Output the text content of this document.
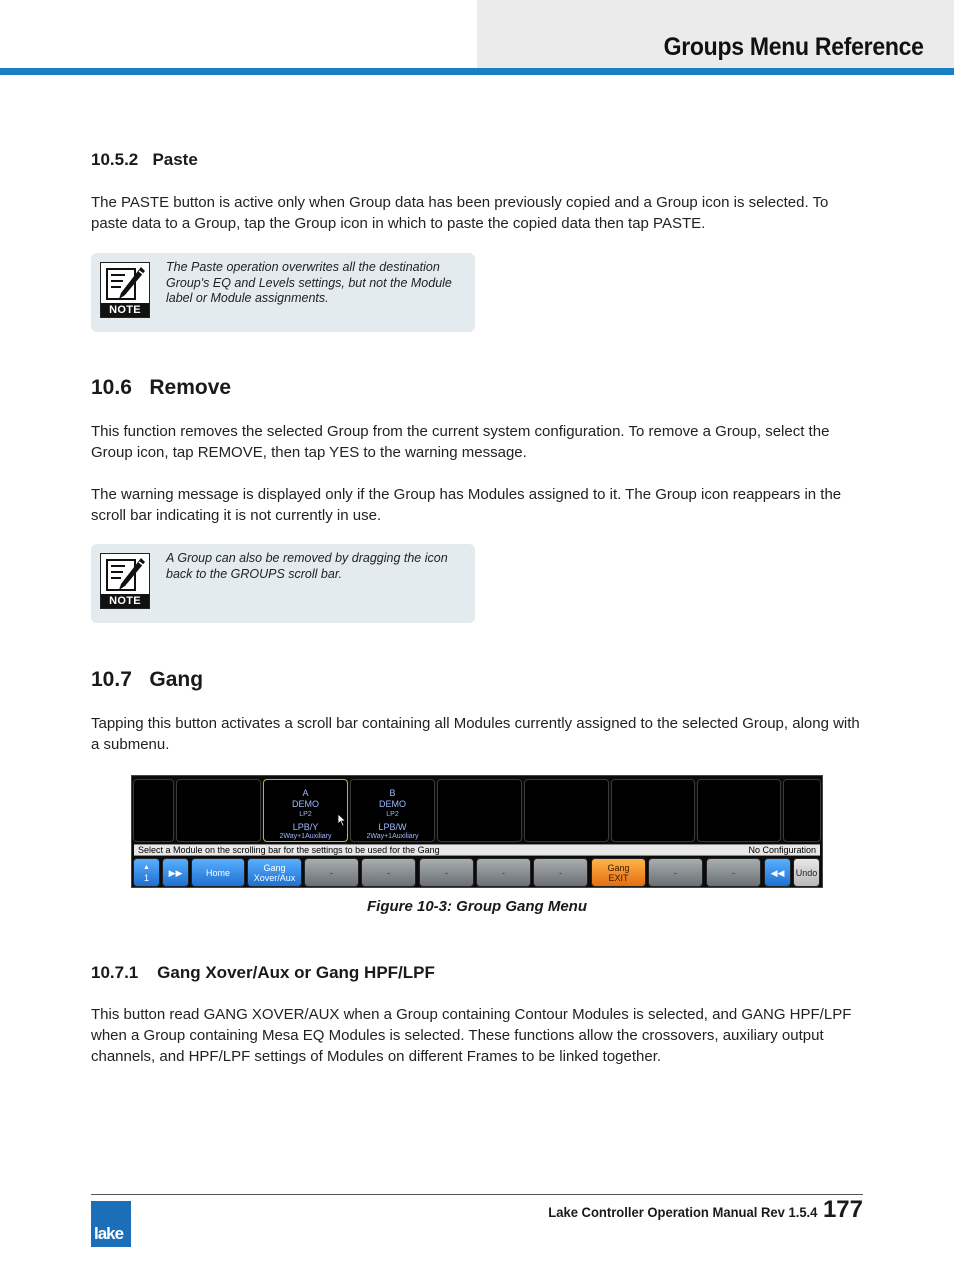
Groups Menu Reference
10.5.2 Paste

The PASTE button is active only when Group data has been previously copied and a Group icon is selected. To paste data to a Group, tap the Group icon in which to paste the copied data then tap PASTE.

NOTE
The Paste operation overwrites all the destination Group's EQ and Levels settings, but not the Module label or Module assignments.
10.6 Remove

This function removes the selected Group from the current system configuration. To remove a Group, select the Group icon, tap REMOVE, then tap YES to the warning message.

The warning message is displayed only if the Group has Modules assigned to it. The Group icon reappears in the scroll bar indicating it is not currently in use.

NOTE
A Group can also be removed by dragging the icon back to the GROUPS scroll bar.
10.7 Gang

Tapping this button activates a scroll bar containing all Modules currently assigned to the selected Group, along with a submenu.

A
DEMO
LP2
LPB/Y
2Way+1Auxiliary
B
DEMO
LP2
LPB/W
2Way+1Auxiliary
Select a Module on the scrolling bar for the settings to be used for the Gang	No Configuration
▲
1 ▶▶	Home	Gang
Xover/Aux	-	-	-	-	-	Gang
EXIT	-	-	◀◀	Undo
Figure 10-3: Group Gang Menu
10.7.1 Gang Xover/Aux or Gang HPF/LPF

This button read GANG XOVER/AUX when a Group containing Contour Modules is selected, and GANG HPF/LPF when a Group containing Mesa EQ Modules is selected. These functions allow the crossovers, auxiliary output channels, and HPF/LPF settings of Modules on different Frames to be linked together.

lake
Lake Controller Operation Manual Rev 1.5.4 177
